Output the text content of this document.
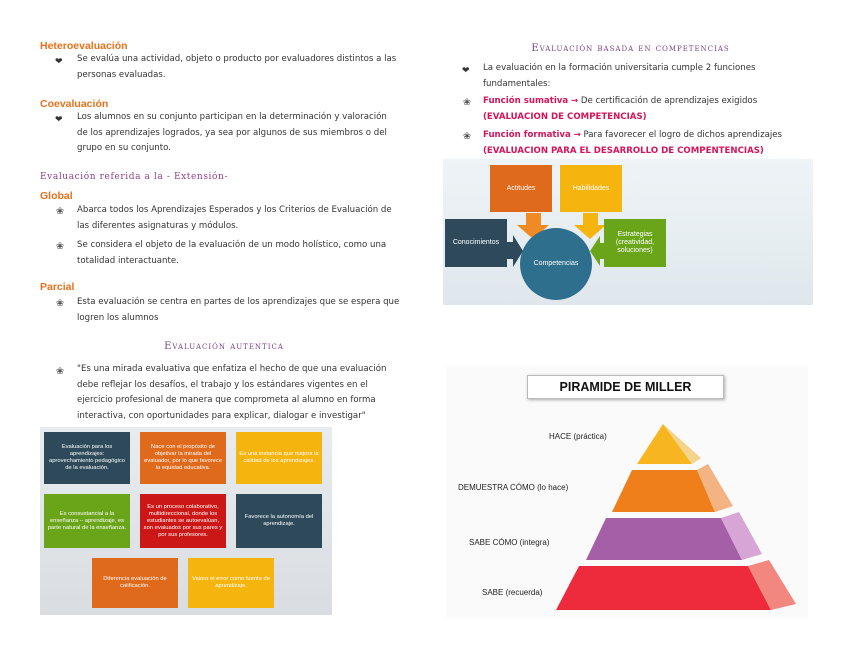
Heteroevaluación
❤ Se evalúa una actividad, objeto o producto por evaluadores distintos a las
personas evaluadas.
Coevaluación
❤ Los alumnos en su conjunto participan en la determinación y valoración
de los aprendizajes logrados, ya sea por algunos de sus miembros o del
grupo en su conjunto.
Evaluación referida a la - Extensión-
Global
❀ Abarca todos los Aprendizajes Esperados y los Criterios de Evaluación de
las diferentes asignaturas y módulos.
❀ Se considera el objeto de la evaluación de un modo holístico, como una
totalidad interactuante.
Parcial
❀ Esta evaluación se centra en partes de los aprendizajes que se espera que
logren los alumnos
Evaluación autentica
❀ "Es una mirada evaluativa que enfatiza el hecho de que una evaluación
debe reflejar los desafíos, el trabajo y los estándares vigentes en el
ejercicio profesional de manera que comprometa al alumno en forma
interactiva, con oportunidades para explicar, dialogar e investigar"
Evaluación para los aprendizajes: aprovechamiento pedagógico de la evaluación.
Nace con el propósito de objetivar la mirada del evaluador, por lo que favorece la equidad educativa.
Es una instancia que mejora la calidad de los aprendizajes.
Es consustancial a la enseñanza – aprendizaje, es parte natural de la enseñanza.
Es un proceso colaborativo, multidireccional, donde los estudiantes se autoevalúan, son evaluados por sus pares y por sus profesores.
Favorece la autonomía del aprendizaje.
Diferencia evaluación de calificación.
Valora el error como fuente de aprendizaje.
Evaluación basada en competencias
❤ La evaluación en la formación universitaria cumple 2 funciones
fundamentales:
❀ Función sumativa → De certificación de aprendizajes exigidos
(EVALUACION DE COMPETENCIAS)
❀ Función formativa → Para favorecer el logro de dichos aprendizajes
(EVALUACION PARA EL DESARROLLO DE COMPENTENCIAS)
Actitudes	Habilidades
Conocimientos
Estrategias (creatividad, soluciones)
Competencias
PIRAMIDE DE MILLER
HACE (práctica)
DEMUESTRA CÓMO (lo hace)
SABE CÓMO (integra)
SABE (recuerda)
